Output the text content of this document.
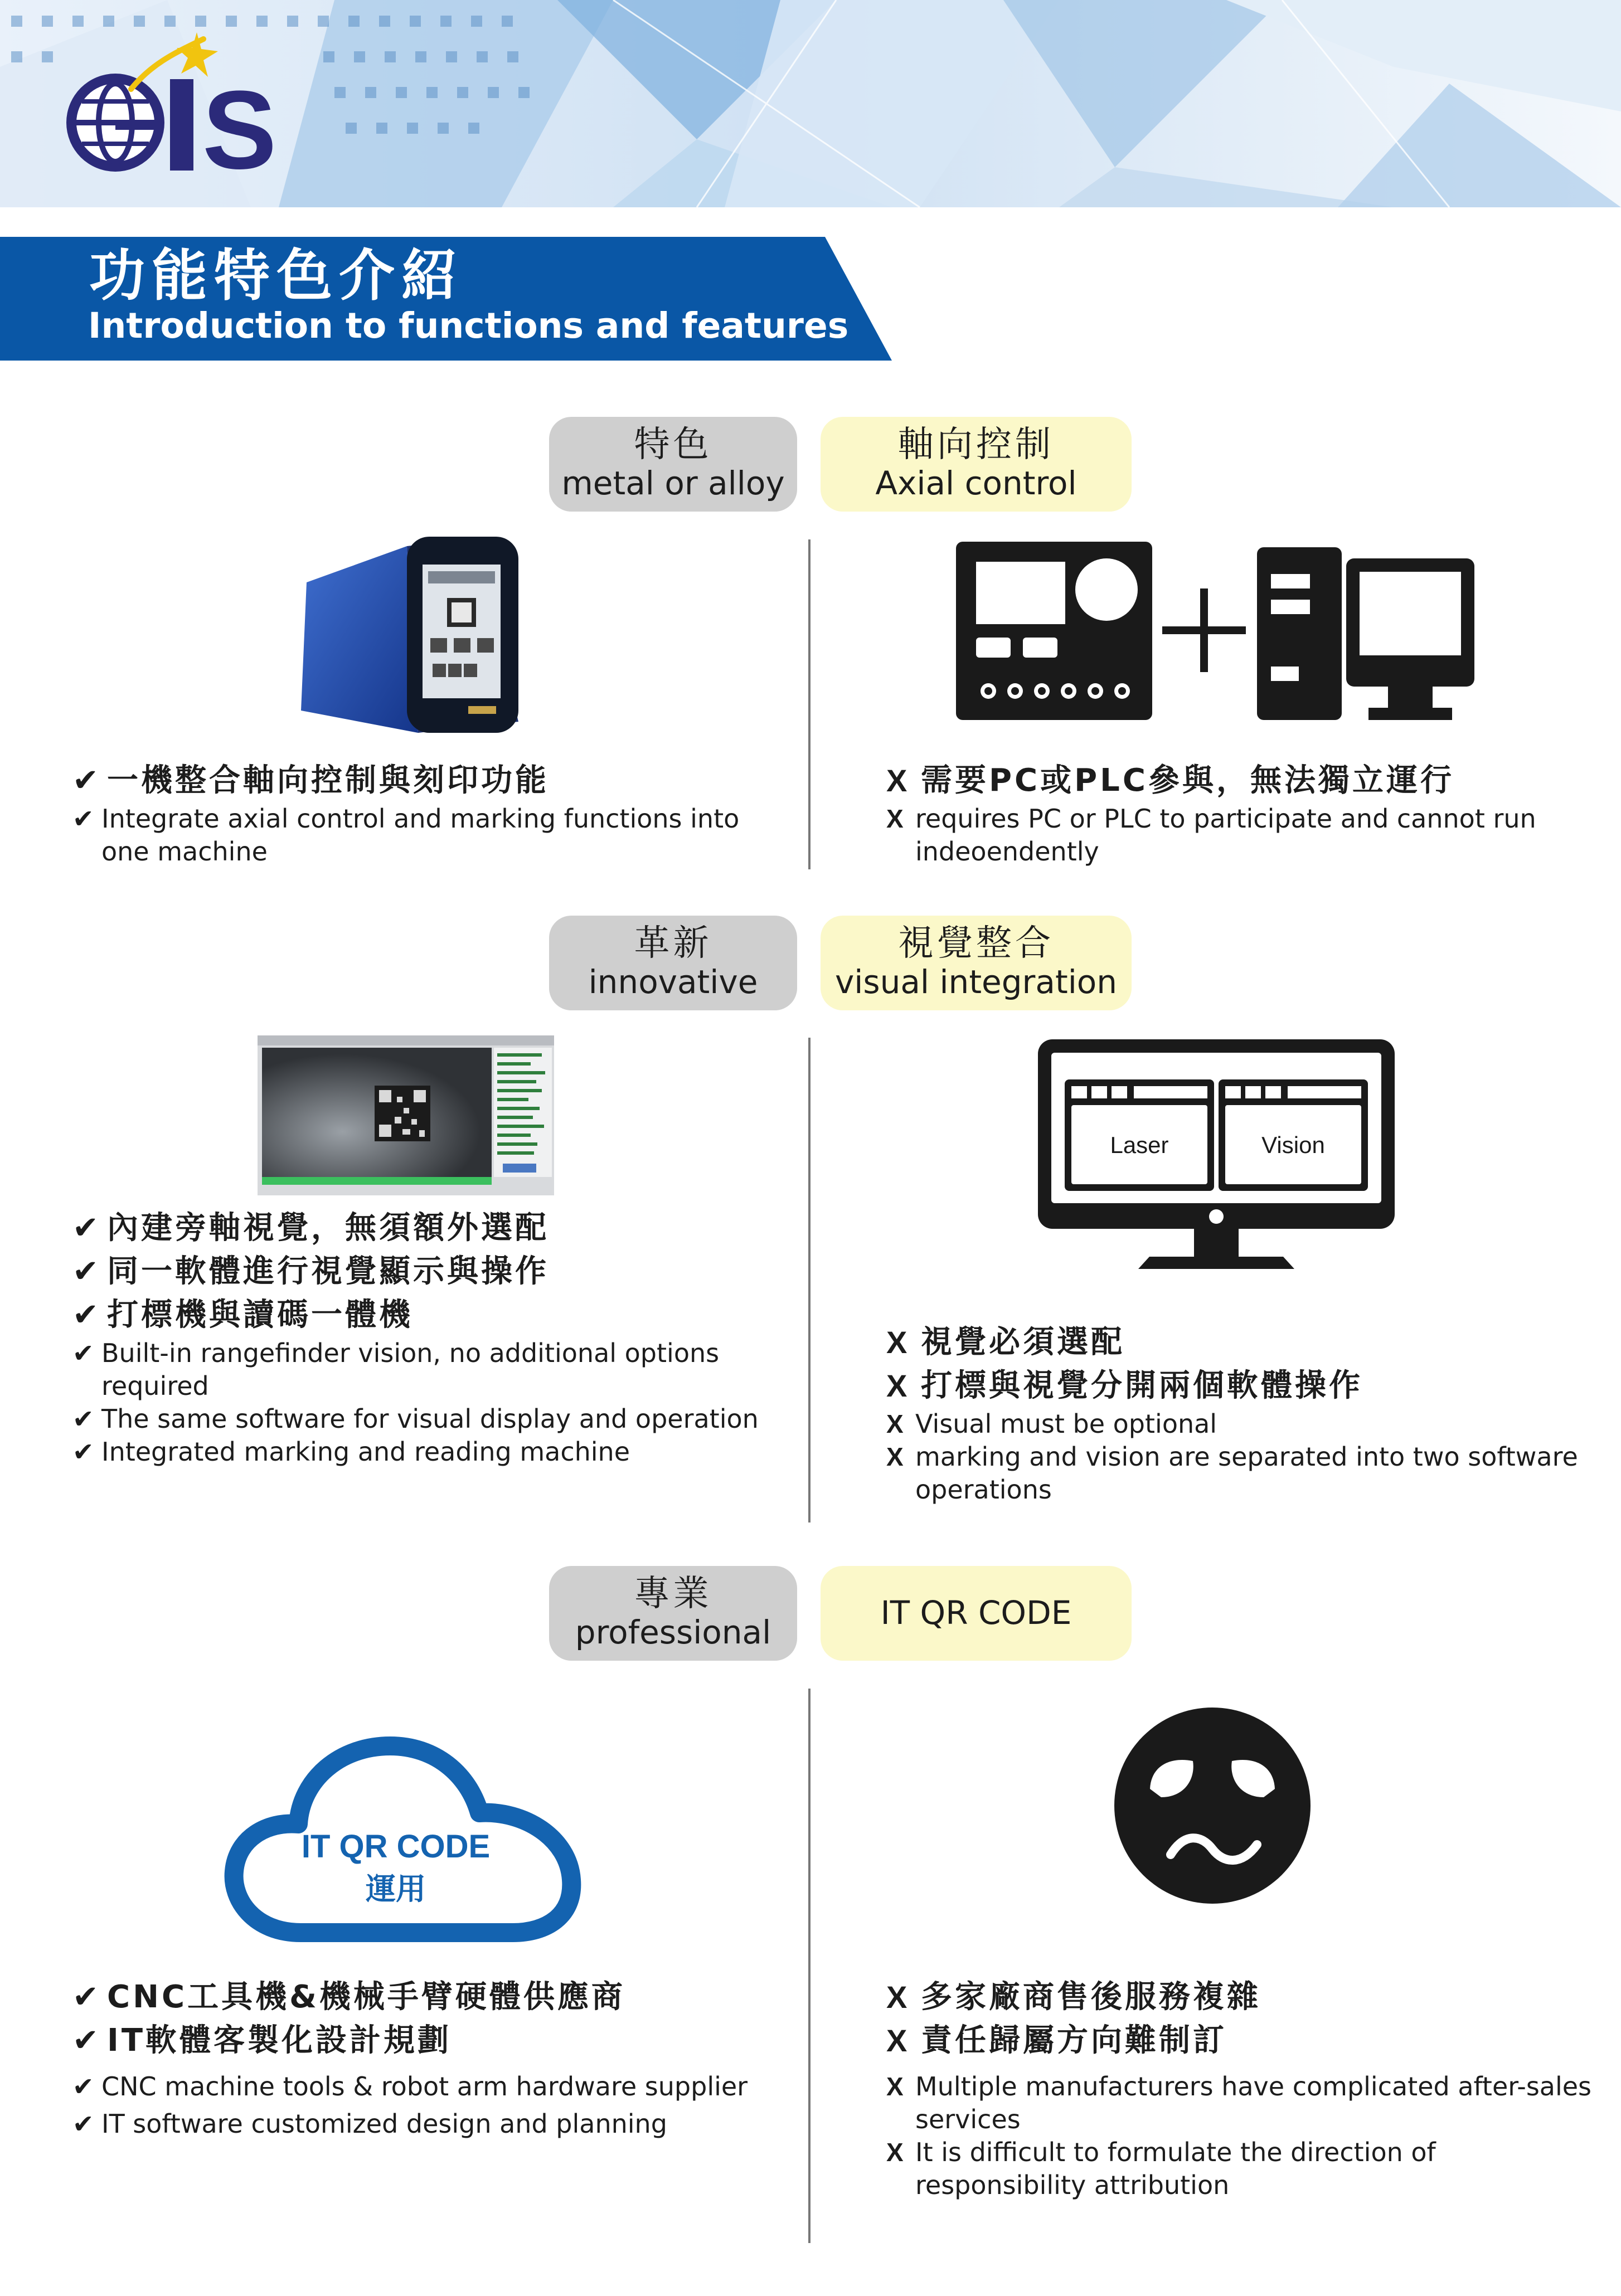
S
功能特色介紹
Introduction to functions and features
特色
metal or alloy
軸向控制
Axial control
✔ 一機整合軸向控制與刻印功能
✔ Integrate axial control and marking functions into one machine
X 需要PC或PLC參與，無法獨立運行
X requires PC or PLC to participate and cannot run indeoendently
革新
innovative
視覺整合
visual integration
Laser	Vision
✔ 內建旁軸視覺，無須額外選配
✔ 同一軟體進行視覺顯示與操作
✔ 打標機與讀碼一體機
✔ Built-in rangefinder vision, no additional options required
✔ The same software for visual display and operation
✔ Integrated marking and reading machine
X 視覺必須選配
X 打標與視覺分開兩個軟體操作
X Visual must be optional
X marking and vision are separated into two software operations
專業
professional
IT QR CODE
IT QR CODE
運用
✔ CNC工具機&機械手臂硬體供應商
✔ IT軟體客製化設計規劃
✔ CNC machine tools & robot arm hardware supplier
✔ IT software customized design and planning
X 多家廠商售後服務複雜
X 責任歸屬方向難制訂
X Multiple manufacturers have complicated after-sales services
X It is difficult to formulate the direction of responsibility attribution
